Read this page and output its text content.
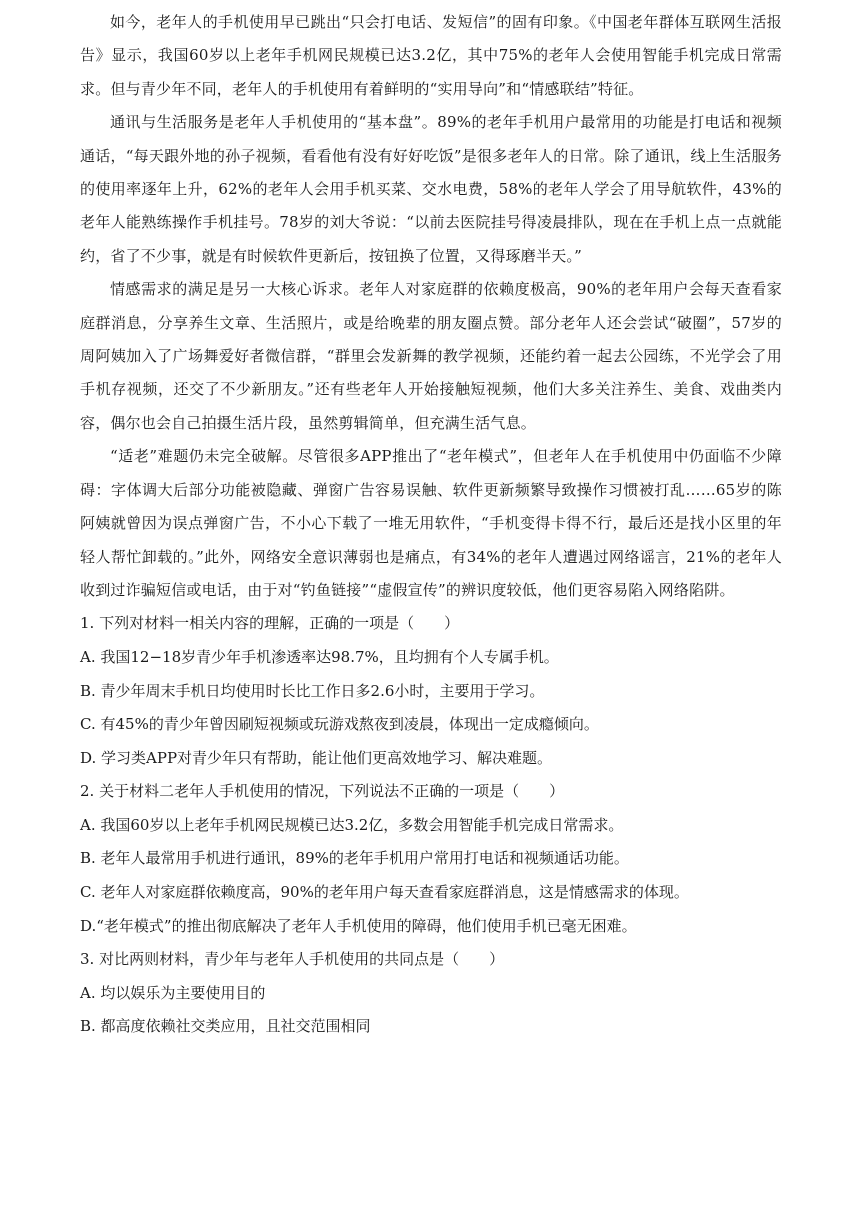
如今，老年人的手机使用早已跳出“只会打电话、发短信”的固有印象。《中国老年群体互联网生活报告》显示，我国60岁以上老年手机网民规模已达3.2亿，其中75%的老年人会使用智能手机完成日常需求。但与青少年不同，老年人的手机使用有着鲜明的“实用导向”和“情感联结”特征。

通讯与生活服务是老年人手机使用的“基本盘”。89%的老年手机用户最常用的功能是打电话和视频通话，“每天跟外地的孙子视频，看看他有没有好好吃饭”是很多老年人的日常。除了通讯，线上生活服务的使用率逐年上升，62%的老年人会用手机买菜、交水电费，58%的老年人学会了用导航软件，43%的老年人能熟练操作手机挂号。78岁的刘大爷说：“以前去医院挂号得凌晨排队，现在在手机上点一点就能约，省了不少事，就是有时候软件更新后，按钮换了位置，又得琢磨半天。”

情感需求的满足是另一大核心诉求。老年人对家庭群的依赖度极高，90%的老年用户会每天查看家庭群消息，分享养生文章、生活照片，或是给晚辈的朋友圈点赞。部分老年人还会尝试“破圈”，57岁的周阿姨加入了广场舞爱好者微信群，“群里会发新舞的教学视频，还能约着一起去公园练，不光学会了用手机存视频，还交了不少新朋友。”还有些老年人开始接触短视频，他们大多关注养生、美食、戏曲类内容，偶尔也会自己拍摄生活片段，虽然剪辑简单，但充满生活气息。

“适老”难题仍未完全破解。尽管很多APP推出了“老年模式”，但老年人在手机使用中仍面临不少障碍：字体调大后部分功能被隐藏、弹窗广告容易误触、软件更新频繁导致操作习惯被打乱……65岁的陈阿姨就曾因为误点弹窗广告，不小心下载了一堆无用软件，“手机变得卡得不行，最后还是找小区里的年轻人帮忙卸载的。”此外，网络安全意识薄弱也是痛点，有34%的老年人遭遇过网络谣言，21%的老年人收到过诈骗短信或电话，由于对“钓鱼链接”“虚假宣传”的辨识度较低，他们更容易陷入网络陷阱。

1. 下列对材料一相关内容的理解，正确的一项是（　　）

A. 我国12−18岁青少年手机渗透率达98.7%，且均拥有个人专属手机。

B. 青少年周末手机日均使用时长比工作日多2.6小时，主要用于学习。

C. 有45%的青少年曾因刷短视频或玩游戏熬夜到凌晨，体现出一定成瘾倾向。

D. 学习类APP对青少年只有帮助，能让他们更高效地学习、解决难题。

2. 关于材料二老年人手机使用的情况，下列说法不正确的一项是（　　）

A. 我国60岁以上老年手机网民规模已达3.2亿，多数会用智能手机完成日常需求。

B. 老年人最常用手机进行通讯，89%的老年手机用户常用打电话和视频通话功能。

C. 老年人对家庭群依赖度高，90%的老年用户每天查看家庭群消息，这是情感需求的体现。

D.“老年模式”的推出彻底解决了老年人手机使用的障碍，他们使用手机已毫无困难。

3. 对比两则材料，青少年与老年人手机使用的共同点是（　　）

A. 均以娱乐为主要使用目的

B. 都高度依赖社交类应用，且社交范围相同
